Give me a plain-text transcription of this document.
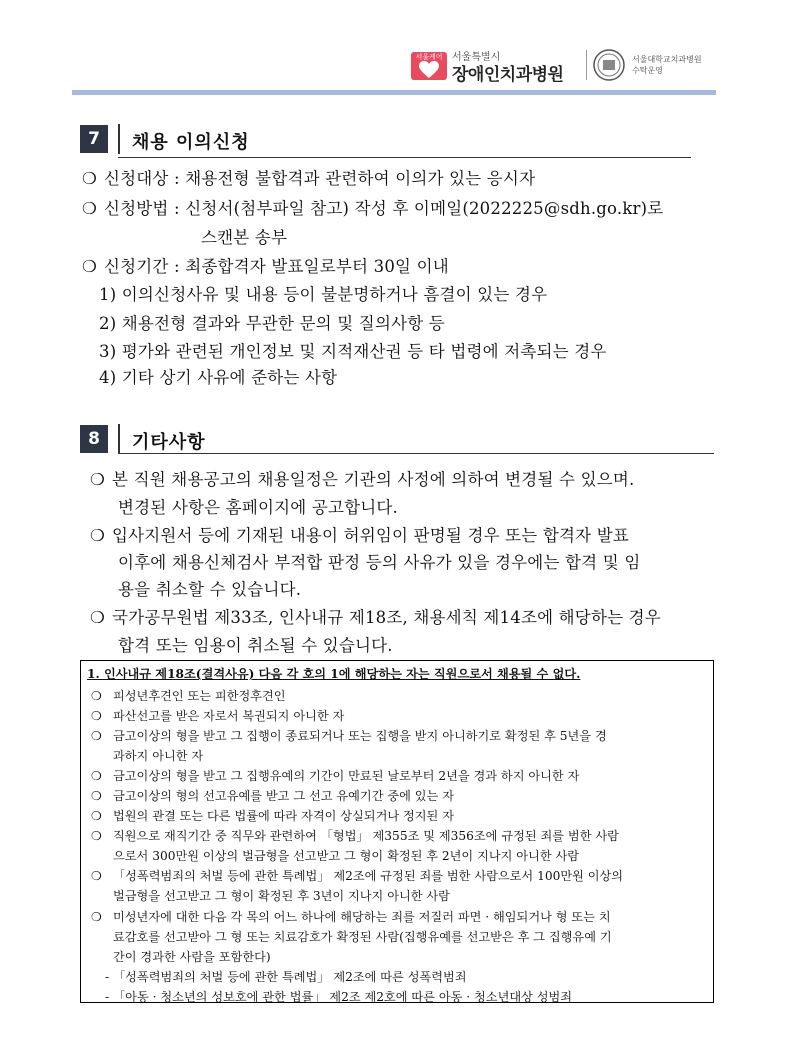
서울케어 서울특별시
장애인치과병원
서울대학교치과병원
수탁운영
7	채용 이의신청
❍ 신청대상 : 채용전형 불합격과 관련하여 이의가 있는 응시자
❍ 신청방법 : 신청서(첨부파일 참고) 작성 후 이메일(2022225@sdh.go.kr)로
스캔본 송부
❍ 신청기간 : 최종합격자 발표일로부터 30일 이내
1) 이의신청사유 및 내용 등이 불분명하거나 흠결이 있는 경우
2) 채용전형 결과와 무관한 문의 및 질의사항 등
3) 평가와 관련된 개인정보 및 지적재산권 등 타 법령에 저촉되는 경우
4) 기타 상기 사유에 준하는 사항
8	기타사항
❍ 본 직원 채용공고의 채용일정은 기관의 사정에 의하여 변경될 수 있으며.
변경된 사항은 홈페이지에 공고합니다.
❍ 입사지원서 등에 기재된 내용이 허위임이 판명될 경우 또는 합격자 발표
이후에 채용신체검사 부적합 판정 등의 사유가 있을 경우에는 합격 및 임
용을 취소할 수 있습니다.
❍ 국가공무원법 제33조, 인사내규 제18조, 채용세칙 제14조에 해당하는 경우
합격 또는 임용이 취소될 수 있습니다.
1. 인사내규 제18조(결격사유) 다음 각 호의 1에 해당하는 자는 직원으로서 채용될 수 없다.
❍ 피성년후견인 또는 피한정후견인
❍ 파산선고를 받은 자로서 복권되지 아니한 자
❍ 금고이상의 형을 받고 그 집행이 종료되거나 또는 집행을 받지 아니하기로 확정된 후 5년을 경
과하지 아니한 자
❍ 금고이상의 형을 받고 그 집행유예의 기간이 만료된 날로부터 2년을 경과 하지 아니한 자
❍ 금고이상의 형의 선고유예를 받고 그 선고 유예기간 중에 있는 자
❍ 법원의 관결 또는 다른 법률에 따라 자격이 상실되거나 정지된 자
❍ 직원으로 재직기간 중 직무와 관련하여 「형법」 제355조 및 제356조에 규정된 죄를 범한 사람
으로서 300만원 이상의 벌금형을 선고받고 그 형이 확정된 후 2년이 지나지 아니한 사람
❍ 「성폭력범죄의 처벌 등에 관한 특례법」 제2조에 규정된 죄를 범한 사람으로서 100만원 이상의
벌금형을 선고받고 그 형이 확정된 후 3년이 지나지 아니한 사람
❍ 미성년자에 대한 다음 각 목의 어느 하나에 해당하는 죄를 저질러 파면 · 해임되거나 형 또는 치
료감호를 선고받아 그 형 또는 치료감호가 확정된 사람(집행유예를 선고받은 후 그 집행유예 기
간이 경과한 사람을 포함한다)
- 「성폭력범죄의 처벌 등에 관한 특례법」 제2조에 따른 성폭력범죄
- 「아동 · 청소년의 성보호에 관한 법률」 제2조 제2호에 따른 아동 · 청소년대상 성범죄
